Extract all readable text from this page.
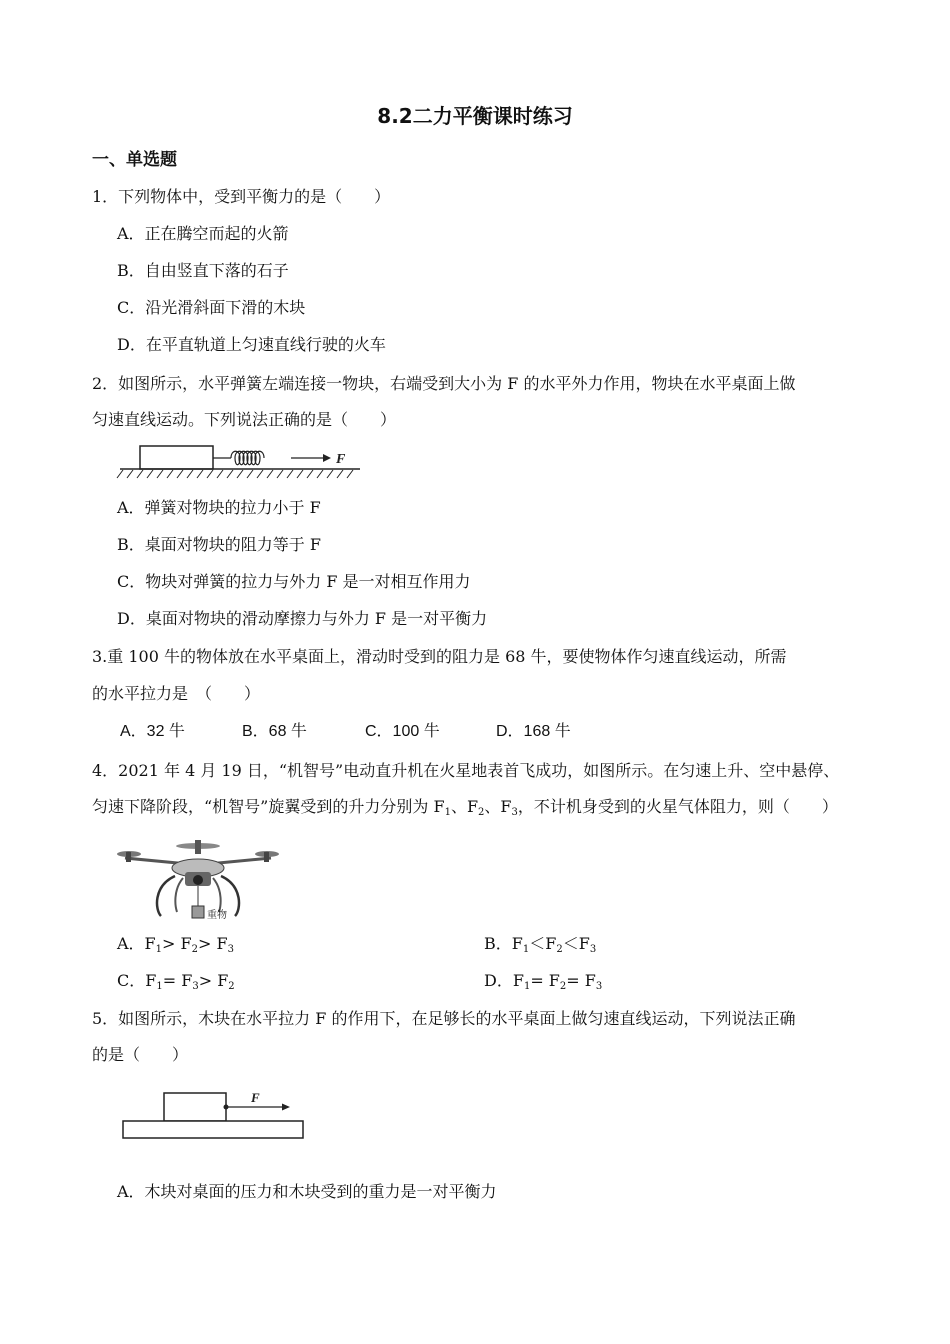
8.2二力平衡课时练习
一、单选题
1．下列物体中，受到平衡力的是（　　）
A．正在腾空而起的火箭
B．自由竖直下落的石子
C．沿光滑斜面下滑的木块
D．在平直轨道上匀速直线行驶的火车
2．如图所示，水平弹簧左端连接一物块，右端受到大小为 F 的水平外力作用，物块在水平桌面上做
匀速直线运动。下列说法正确的是（　　）
F
A．弹簧对物块的拉力小于 F
B．桌面对物块的阻力等于 F
C．物块对弹簧的拉力与外力 F 是一对相互作用力
D．桌面对物块的滑动摩擦力与外力 F 是一对平衡力
3.重 100 牛的物体放在水平桌面上，滑动时受到的阻力是 68 牛，要使物体作匀速直线运动，所需
的水平拉力是　（　　）
A．32 牛	B．68 牛	C．100 牛	D．168 牛
4．2021 年 4 月 19 日，“机智号”电动直升机在火星地表首飞成功，如图所示。在匀速上升、空中悬停、
匀速下降阶段，“机智号”旋翼受到的升力分别为 $F_1$、$F_2$、$F_3$，不计机身受到的火星气体阻力，则（　　）
重物
A．$F_1> F_2> F_3$	B．$F_1<F_2<F_3$
C．$F_1= F_3> F_2$	D．$F_1= F_2= F_3$
5．如图所示，木块在水平拉力 F 的作用下，在足够长的水平桌面上做匀速直线运动，下列说法正确
的是（　　）
F
A．木块对桌面的压力和木块受到的重力是一对平衡力
